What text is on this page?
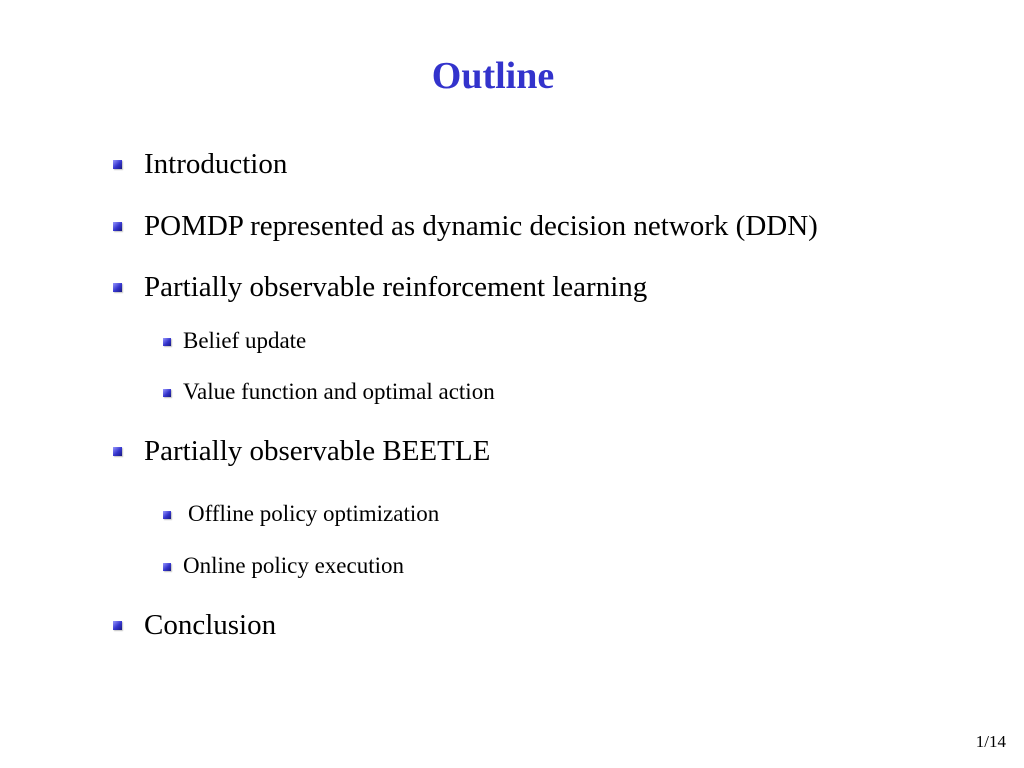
Outline
Introduction
POMDP represented as dynamic decision network (DDN)
Partially observable reinforcement learning
Belief update
Value function and optimal action
Partially observable BEETLE
Offline policy optimization
Online policy execution
Conclusion
1/14
